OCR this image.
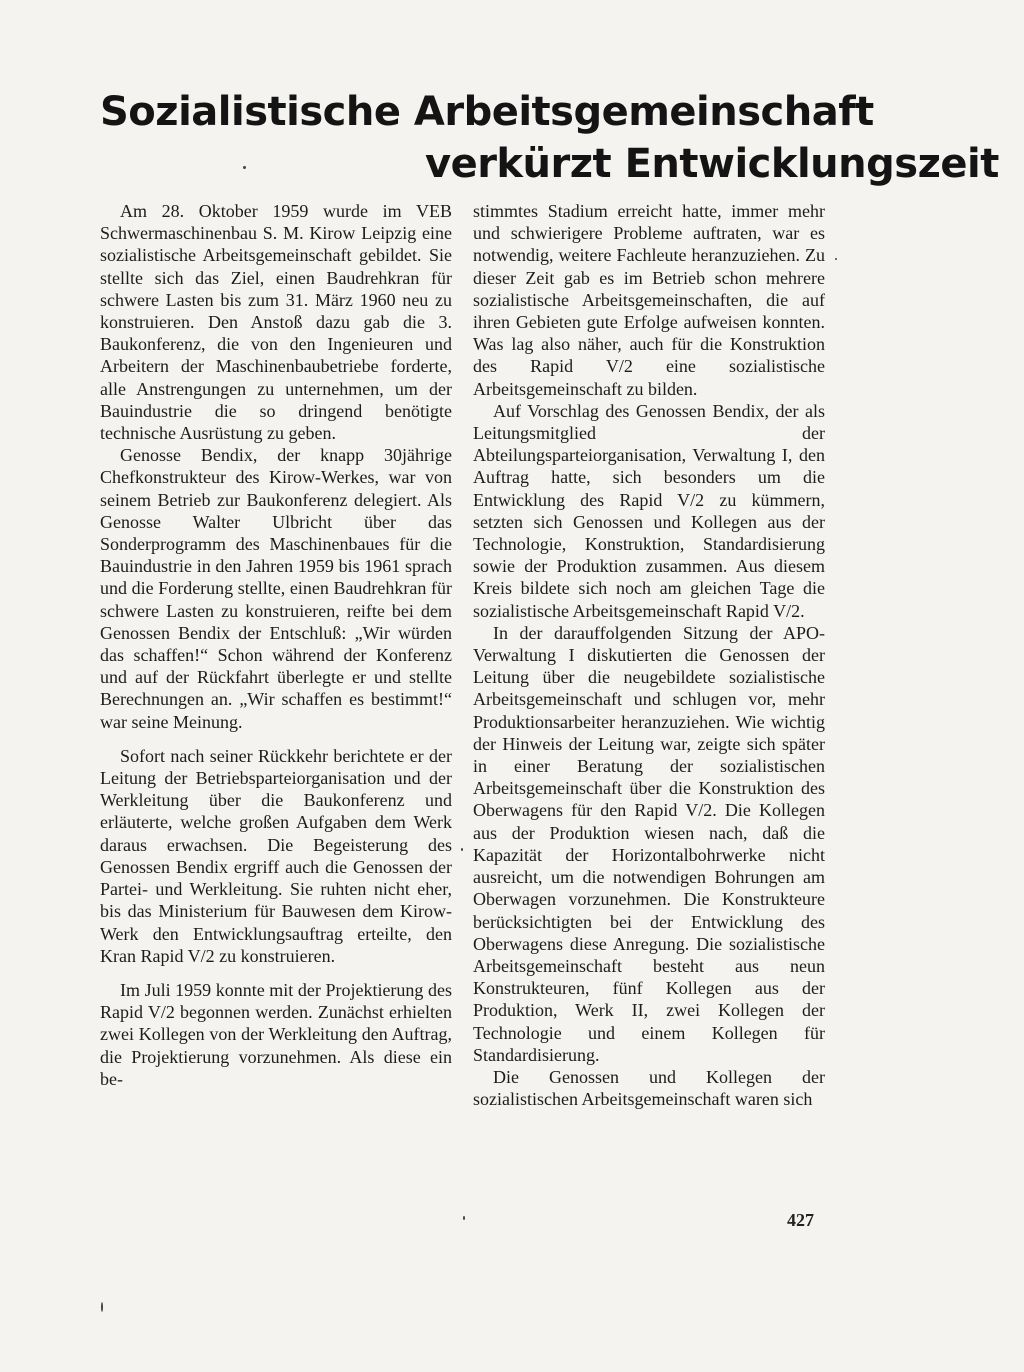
Sozialistische Arbeitsgemeinschaft
verkürzt Entwicklungszeit

Am 28. Oktober 1959 wurde im VEB Schwermaschinenbau S. M. Kirow Leipzig eine sozialistische Arbeitsgemeinschaft gebildet. Sie stellte sich das Ziel, einen Baudrehkran für schwere Lasten bis zum 31. März 1960 neu zu konstruieren. Den Anstoß dazu gab die 3. Baukonferenz, die von den Ingenieuren und Arbeitern der Maschinenbaubetriebe forderte, alle Anstrengungen zu unternehmen, um der Bauindustrie die so dringend benötigte technische Ausrüstung zu geben.

Genosse Bendix, der knapp 30jährige Chefkonstrukteur des Kirow-Werkes, war von seinem Betrieb zur Baukonferenz delegiert. Als Genosse Walter Ulbricht über das Sonderprogramm des Maschinenbaues für die Bauindustrie in den Jahren 1959 bis 1961 sprach und die Forderung stellte, einen Baudrehkran für schwere Lasten zu konstruieren, reifte bei dem Genossen Bendix der Entschluß: „Wir würden das schaffen!“ Schon während der Konferenz und auf der Rückfahrt überlegte er und stellte Berechnungen an. „Wir schaffen es bestimmt!“ war seine Meinung.

Sofort nach seiner Rückkehr berichtete er der Leitung der Betriebsparteiorganisation und der Werkleitung über die Baukonferenz und erläuterte, welche großen Aufgaben dem Werk daraus erwachsen. Die Begeisterung des Genossen Bendix ergriff auch die Genossen der Partei- und Werkleitung. Sie ruhten nicht eher, bis das Ministerium für Bauwesen dem Kirow-Werk den Entwicklungsauftrag erteilte, den Kran Rapid V/2 zu konstruieren.

Im Juli 1959 konnte mit der Projektierung des Rapid V/2 begonnen werden. Zunächst erhielten zwei Kollegen von der Werkleitung den Auftrag, die Projektierung vorzunehmen. Als diese ein be-

stimmtes Stadium erreicht hatte, immer mehr und schwierigere Probleme auftraten, war es notwendig, weitere Fachleute heranzuziehen. Zu dieser Zeit gab es im Betrieb schon mehrere sozialistische Arbeitsgemeinschaften, die auf ihren Gebieten gute Erfolge aufweisen konnten. Was lag also näher, auch für die Konstruktion des Rapid V/2 eine sozialistische Arbeitsgemeinschaft zu bilden.

Auf Vorschlag des Genossen Bendix, der als Leitungsmitglied der Abteilungsparteiorganisation, Verwaltung I, den Auftrag hatte, sich besonders um die Entwicklung des Rapid V/2 zu kümmern, setzten sich Genossen und Kollegen aus der Technologie, Konstruktion, Standardisierung sowie der Produktion zusammen. Aus diesem Kreis bildete sich noch am gleichen Tage die sozialistische Arbeitsgemeinschaft Rapid V/2.

In der darauffolgenden Sitzung der APO-Verwaltung I diskutierten die Genossen der Leitung über die neugebildete sozialistische Arbeitsgemeinschaft und schlugen vor, mehr Produktionsarbeiter heranzuziehen. Wie wichtig der Hinweis der Leitung war, zeigte sich später in einer Beratung der sozialistischen Arbeitsgemeinschaft über die Konstruktion des Oberwagens für den Rapid V/2. Die Kollegen aus der Produktion wiesen nach, daß die Kapazität der Horizontalbohrwerke nicht ausreicht, um die notwendigen Bohrungen am Oberwagen vorzunehmen. Die Konstrukteure berücksichtigten bei der Entwicklung des Oberwagens diese Anregung. Die sozialistische Arbeitsgemeinschaft besteht aus neun Konstrukteuren, fünf Kollegen aus der Produktion, Werk II, zwei Kollegen der Technologie und einem Kollegen für Standardisierung.

Die Genossen und Kollegen der sozialistischen Arbeitsgemeinschaft waren sich

427
